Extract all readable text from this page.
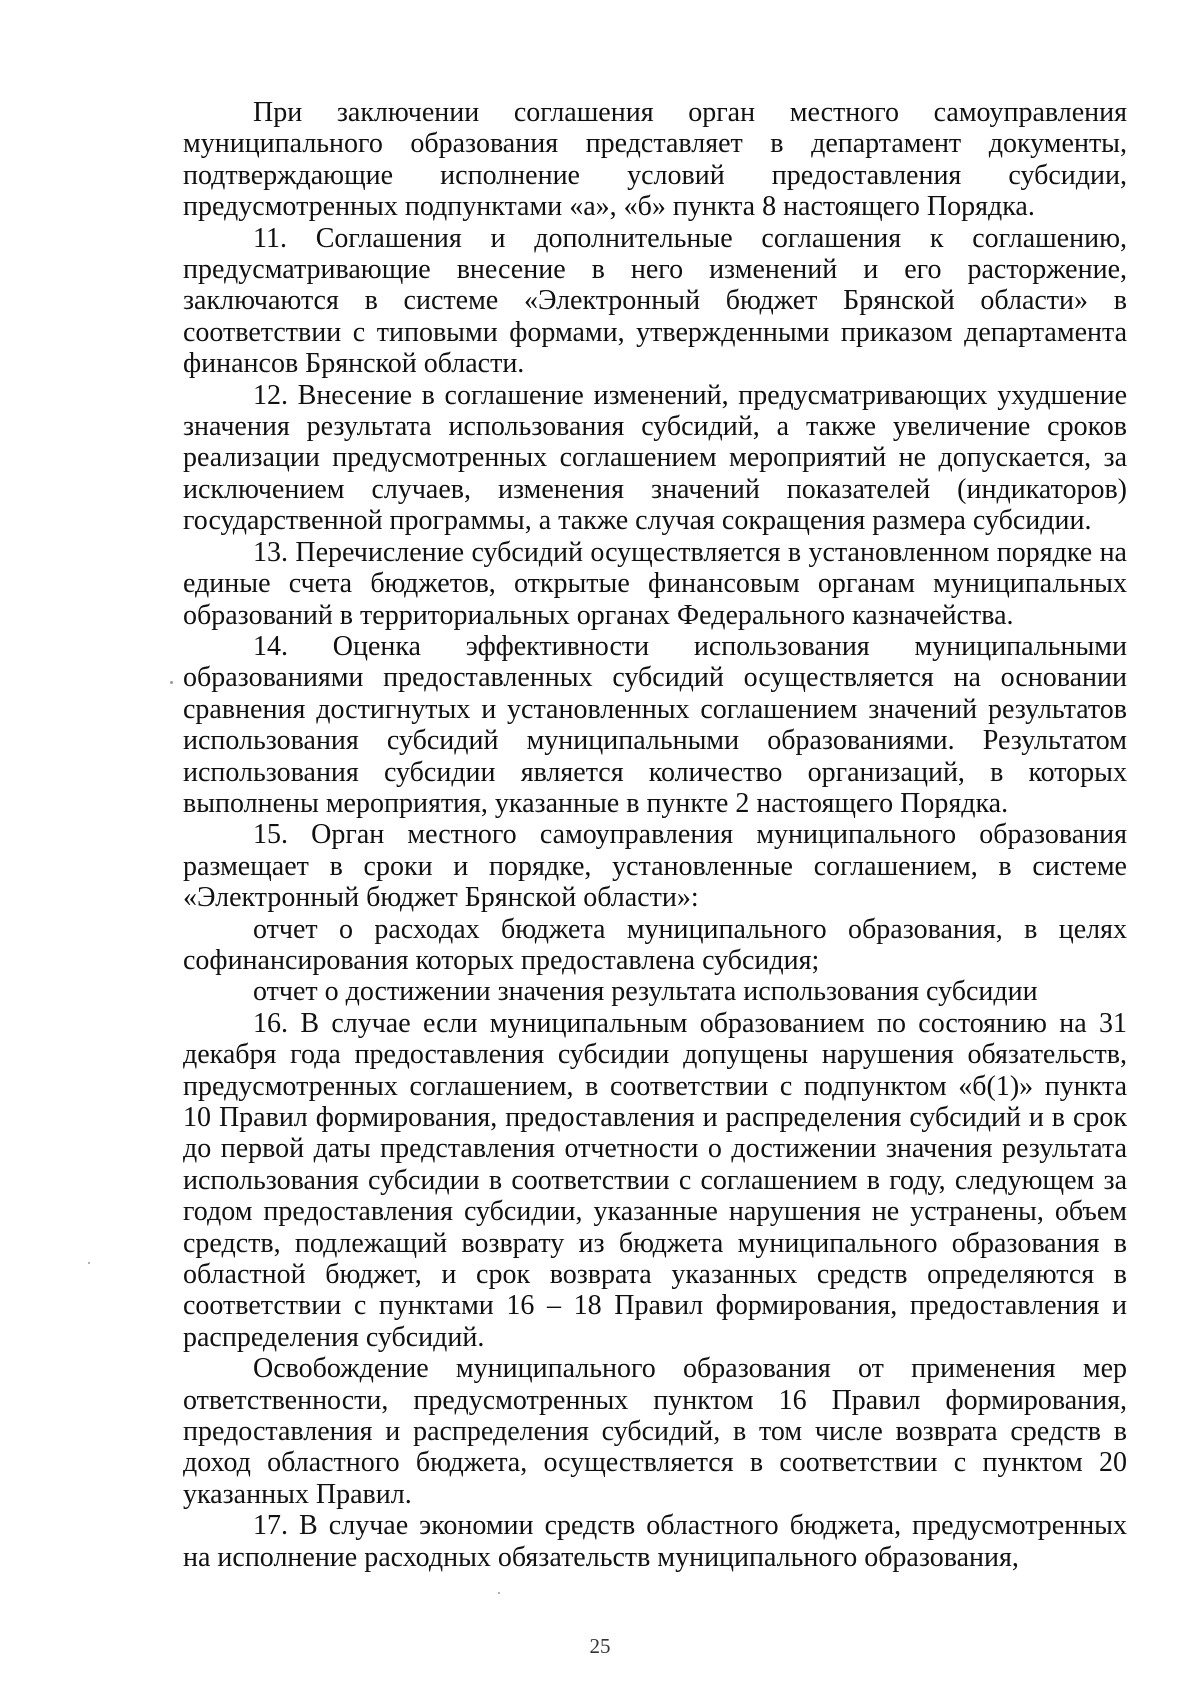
При заключении соглашения орган местного самоуправления муниципального образования представляет в департамент документы, подтверждающие исполнение условий предоставления субсидии, предусмотренных подпунктами «а», «б» пункта 8 настоящего Порядка.

11. Соглашения и дополнительные соглашения к соглашению, предусматривающие внесение в него изменений и его расторжение, заключаются в системе «Электронный бюджет Брянской области» в соответствии с типовыми формами, утвержденными приказом департамента финансов Брянской области.

12. Внесение в соглашение изменений, предусматривающих ухудшение значения результата использования субсидий, а также увеличение сроков реализации предусмотренных соглашением мероприятий не допускается, за исключением случаев, изменения значений показателей (индикаторов) государственной программы, а также случая сокращения размера субсидии.

13. Перечисление субсидий осуществляется в установленном порядке на единые счета бюджетов, открытые финансовым органам муниципальных образований в территориальных органах Федерального казначейства.

14. Оценка эффективности использования муниципальными образованиями предоставленных субсидий осуществляется на основании сравнения достигнутых и установленных соглашением значений результатов использования субсидий муниципальными образованиями. Результатом использования субсидии является количество организаций, в которых выполнены мероприятия, указанные в пункте 2 настоящего Порядка.

15. Орган местного самоуправления муниципального образования размещает в сроки и порядке, установленные соглашением, в системе «Электронный бюджет Брянской области»:

отчет о расходах бюджета муниципального образования, в целях софинансирования которых предоставлена субсидия;

отчет о достижении значения результата использования субсидии

16. В случае если муниципальным образованием по состоянию на 31 декабря года предоставления субсидии допущены нарушения обязательств, предусмотренных соглашением, в соответствии с подпунктом «б(1)» пункта 10 Правил формирования, предоставления и распределения субсидий и в срок до первой даты представления отчетности о достижении значения результата использования субсидии в соответствии с соглашением в году, следующем за годом предоставления субсидии, указанные нарушения не устранены, объем средств, подлежащий возврату из бюджета муниципального образования в областной бюджет, и срок возврата указанных средств определяются в соответствии с пунктами 16 – 18 Правил формирования, предоставления и распределения субсидий.

Освобождение муниципального образования от применения мер ответственности, предусмотренных пунктом 16 Правил формирования, предоставления и распределения субсидий, в том числе возврата средств в доход областного бюджета, осуществляется в соответствии с пунктом 20 указанных Правил.

17. В случае экономии средств областного бюджета, предусмотренных на исполнение расходных обязательств муниципального образования,

25
